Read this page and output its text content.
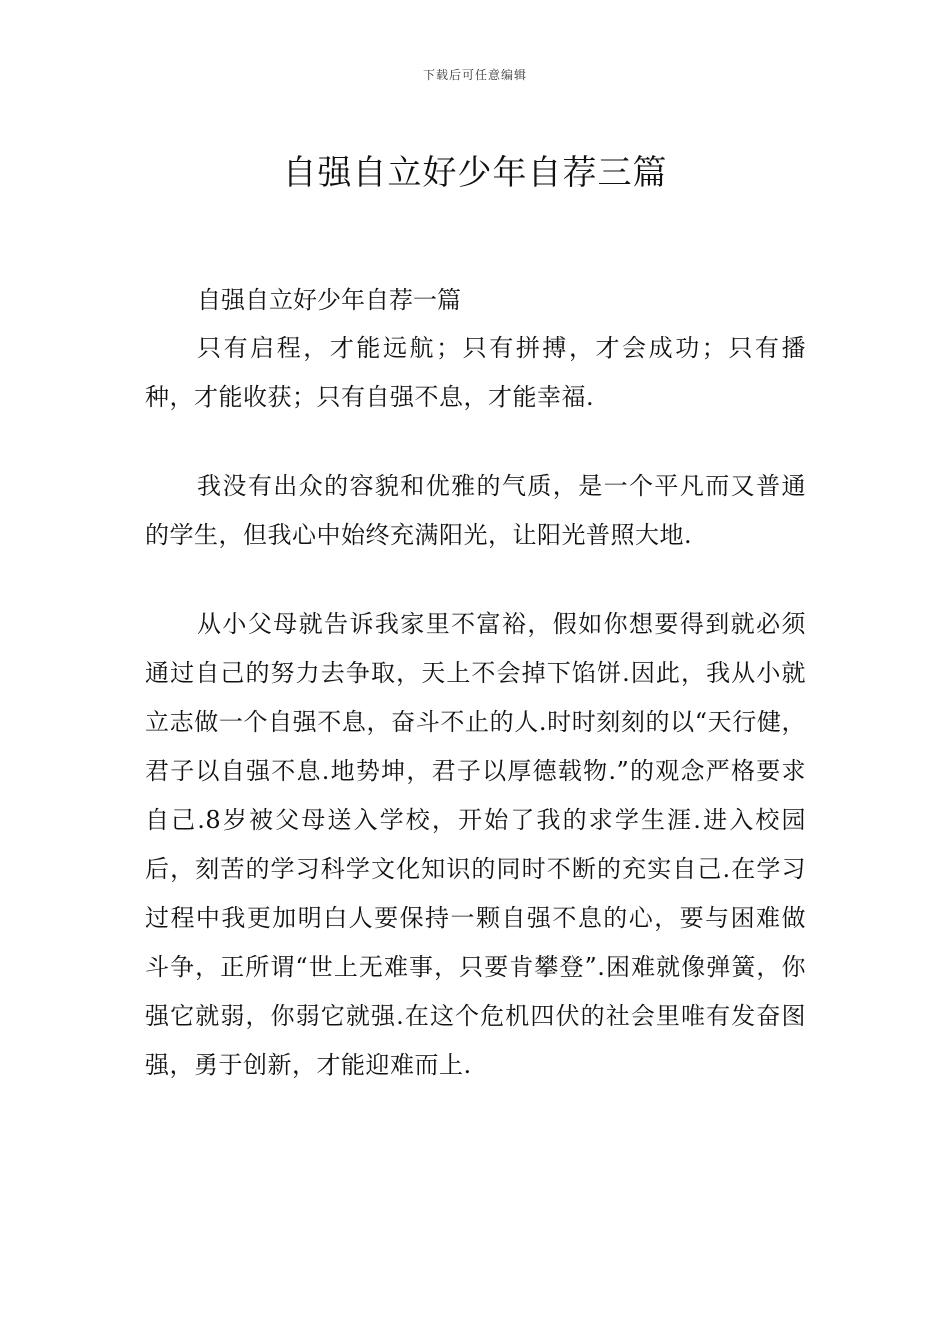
下载后可任意编辑
自强自立好少年自荐三篇
自强自立好少年自荐一篇

只有启程，才能远航；只有拼搏，才会成功；只有播种，才能收获；只有自强不息，才能幸福.

我没有出众的容貌和优雅的气质，是一个平凡而又普通的学生，但我心中始终充满阳光，让阳光普照大地.

从小父母就告诉我家里不富裕，假如你想要得到就必须通过自己的努力去争取，天上不会掉下馅饼.因此，我从小就立志做一个自强不息，奋斗不止的人.时时刻刻的以“天行健，君子以自强不息.地势坤，君子以厚德载物.”的观念严格要求自己.8岁被父母送入学校，开始了我的求学生涯.进入校园后，刻苦的学习科学文化知识的同时不断的充实自己.在学习过程中我更加明白人要保持一颗自强不息的心，要与困难做斗争，正所谓“世上无难事，只要肯攀登”.困难就像弹簧，你强它就弱，你弱它就强.在这个危机四伏的社会里唯有发奋图强，勇于创新，才能迎难而上.
